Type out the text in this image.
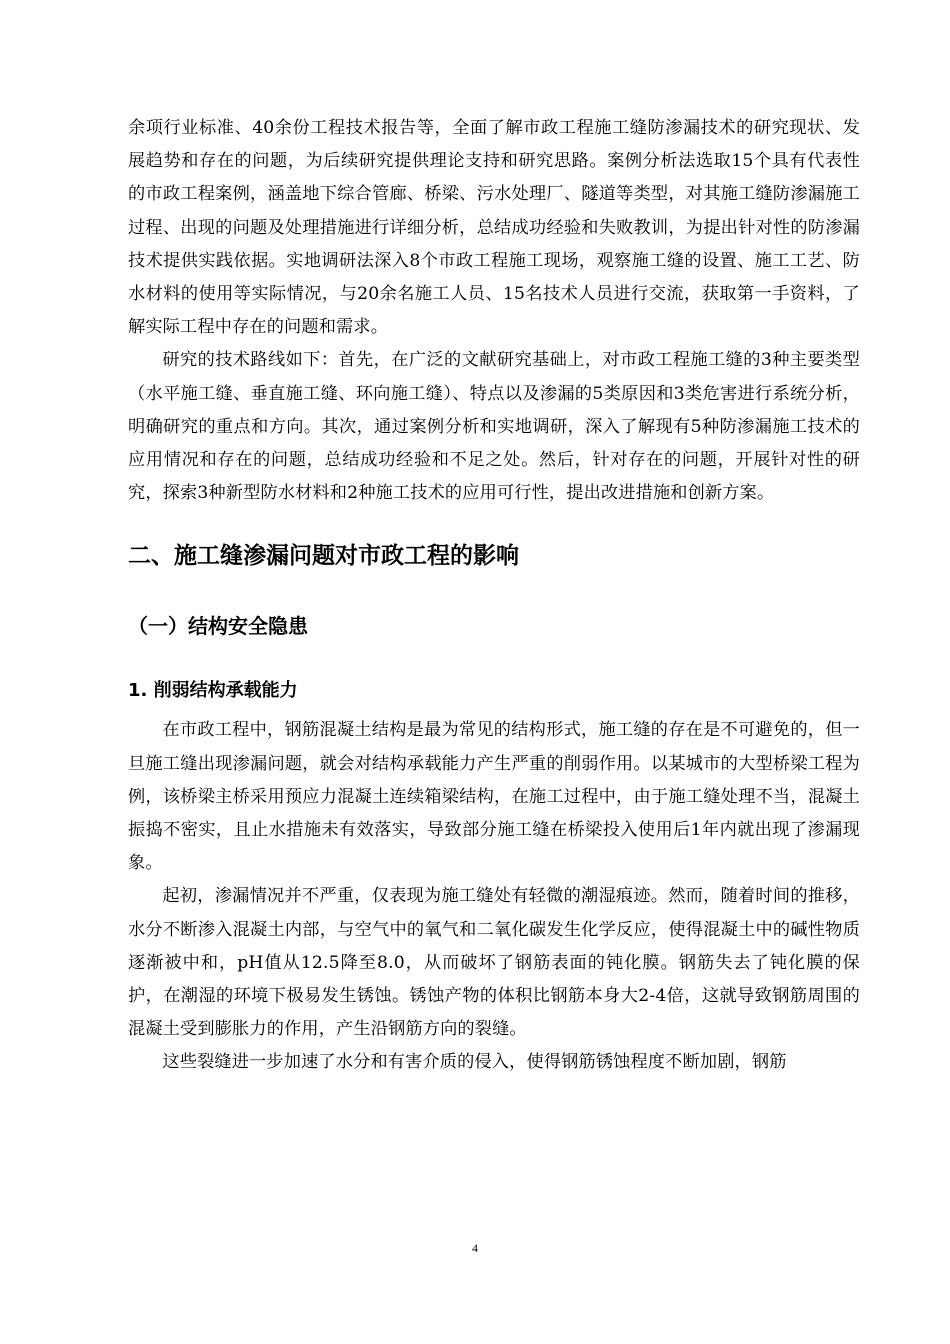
余项行业标准、40余份工程技术报告等，全面了解市政工程施工缝防渗漏技术的研究现状、发展趋势和存在的问题，为后续研究提供理论支持和研究思路。案例分析法选取15个具有代表性的市政工程案例，涵盖地下综合管廊、桥梁、污水处理厂、隧道等类型，对其施工缝防渗漏施工过程、出现的问题及处理措施进行详细分析，总结成功经验和失败教训，为提出针对性的防渗漏技术提供实践依据。实地调研法深入8个市政工程施工现场，观察施工缝的设置、施工工艺、防水材料的使用等实际情况，与20余名施工人员、15名技术人员进行交流，获取第一手资料，了解实际工程中存在的问题和需求。

研究的技术路线如下：首先，在广泛的文献研究基础上，对市政工程施工缝的3种主要类型（水平施工缝、垂直施工缝、环向施工缝）、特点以及渗漏的5类原因和3类危害进行系统分析，明确研究的重点和方向。其次，通过案例分析和实地调研，深入了解现有5种防渗漏施工技术的应用情况和存在的问题，总结成功经验和不足之处。然后，针对存在的问题，开展针对性的研究，探索3种新型防水材料和2种施工技术的应用可行性，提出改进措施和创新方案。

二、施工缝渗漏问题对市政工程的影响
（一）结构安全隐患
1. 削弱结构承载能力

在市政工程中，钢筋混凝土结构是最为常见的结构形式，施工缝的存在是不可避免的，但一旦施工缝出现渗漏问题，就会对结构承载能力产生严重的削弱作用。以某城市的大型桥梁工程为例，该桥梁主桥采用预应力混凝土连续箱梁结构，在施工过程中，由于施工缝处理不当，混凝土振捣不密实，且止水措施未有效落实，导致部分施工缝在桥梁投入使用后1年内就出现了渗漏现象。

起初，渗漏情况并不严重，仅表现为施工缝处有轻微的潮湿痕迹。然而，随着时间的推移，水分不断渗入混凝土内部，与空气中的氧气和二氧化碳发生化学反应，使得混凝土中的碱性物质逐渐被中和，pH值从12.5降至8.0，从而破坏了钢筋表面的钝化膜。钢筋失去了钝化膜的保护，在潮湿的环境下极易发生锈蚀。锈蚀产物的体积比钢筋本身大2-4倍，这就导致钢筋周围的混凝土受到膨胀力的作用，产生沿钢筋方向的裂缝。

这些裂缝进一步加速了水分和有害介质的侵入，使得钢筋锈蚀程度不断加剧，钢筋

4
